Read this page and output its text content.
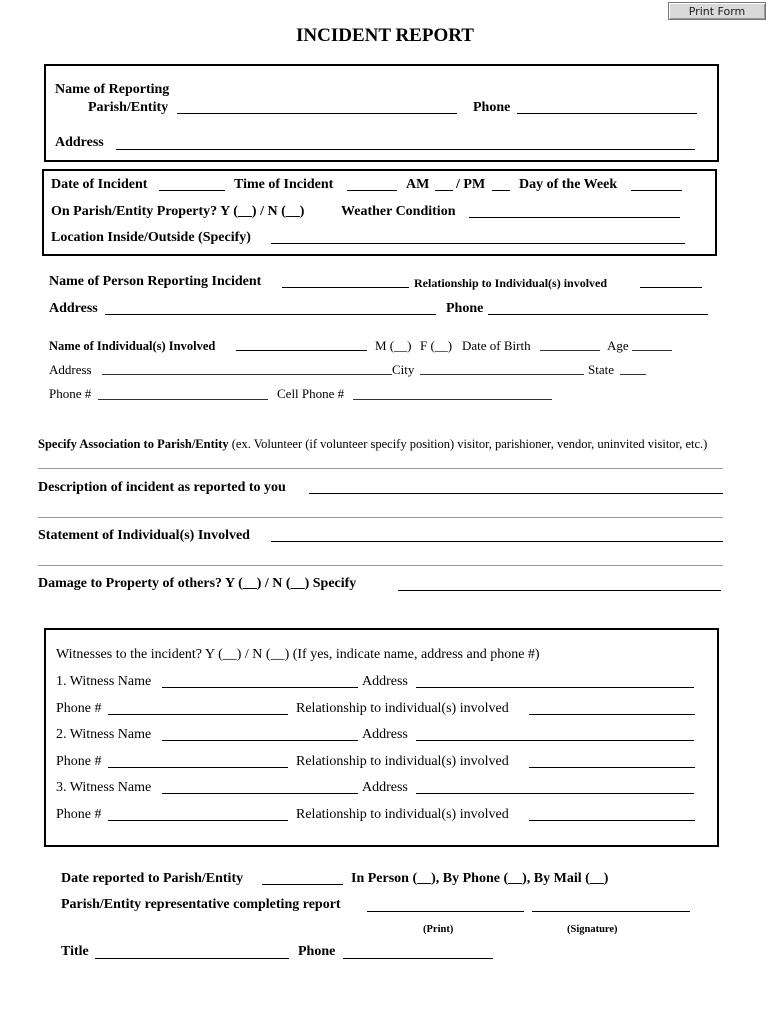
Print Form
INCIDENT REPORT
Name of Reporting
Parish/Entity	Phone
Address
Date of Incident	Time of Incident	AM / PM Day of the Week
On Parish/Entity Property? Y (__) / N (__)	Weather Condition
Location Inside/Outside (Specify)
Name of Person Reporting Incident	Relationship to Individual(s) involved
Address	Phone
Name of Individual(s) Involved	M (__) F (__) Date of Birth	Age
Address	City	State
Phone #	Cell Phone #
Specify Association to Parish/Entity (ex. Volunteer (if volunteer specify position) visitor, parishioner, vendor, uninvited visitor, etc.)
Description of incident as reported to you
Statement of Individual(s) Involved
Damage to Property of others? Y (__) / N (__) Specify
Witnesses to the incident? Y (__) / N (__) (If yes, indicate name, address and phone #)
1. Witness Name	Address
Phone #	Relationship to individual(s) involved
2. Witness Name	Address
Phone #	Relationship to individual(s) involved
3. Witness Name	Address
Phone #	Relationship to individual(s) involved
Date reported to Parish/Entity	In Person (__), By Phone (__), By Mail (__)
Parish/Entity representative completing report
(Print)	(Signature)
Title	Phone
